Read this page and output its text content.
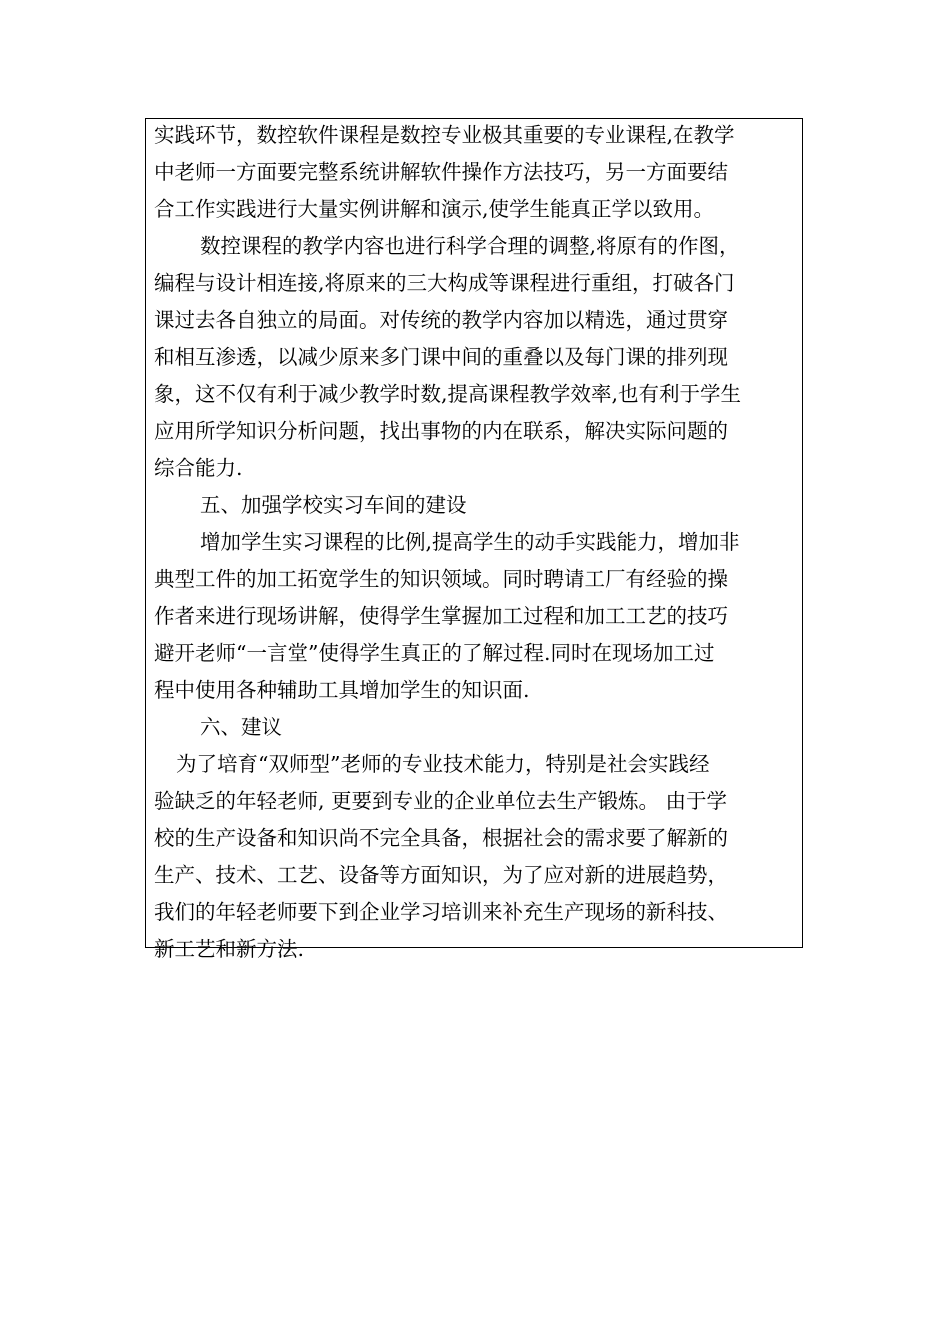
实践环节，数控软件课程是数控专业极其重要的专业课程,在教学
中老师一方面要完整系统讲解软件操作方法技巧，另一方面要结
合工作实践进行大量实例讲解和演示,使学生能真正学以致用。
数控课程的教学内容也进行科学合理的调整,将原有的作图，
编程与设计相连接,将原来的三大构成等课程进行重组，打破各门
课过去各自独立的局面。对传统的教学内容加以精选，通过贯穿
和相互渗透，以减少原来多门课中间的重叠以及每门课的排列现
象，这不仅有利于减少教学时数,提高课程教学效率,也有利于学生
应用所学知识分析问题，找出事物的内在联系，解决实际问题的
综合能力.
五、加强学校实习车间的建设
增加学生实习课程的比例,提高学生的动手实践能力，增加非
典型工件的加工拓宽学生的知识领域。同时聘请工厂有经验的操
作者来进行现场讲解，使得学生掌握加工过程和加工工艺的技巧
避开老师“一言堂”使得学生真正的了解过程.同时在现场加工过
程中使用各种辅助工具增加学生的知识面.
六、建议
为了培育“双师型”老师的专业技术能力，特别是社会实践经
验缺乏的年轻老师, 更要到专业的企业单位去生产锻炼。 由于学
校的生产设备和知识尚不完全具备，根据社会的需求要了解新的
生产、技术、工艺、设备等方面知识，为了应对新的进展趋势，
我们的年轻老师要下到企业学习培训来补充生产现场的新科技、
新工艺和新方法.
